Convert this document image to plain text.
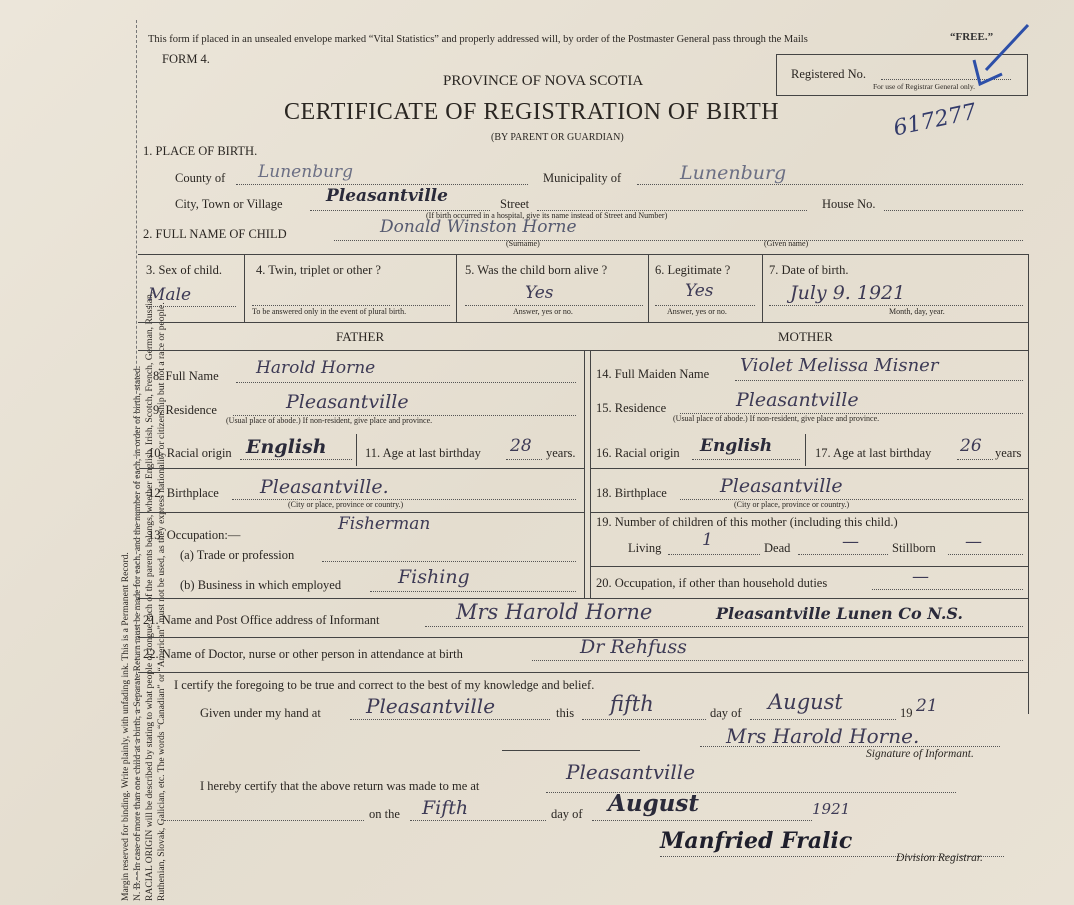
Margin reserved for binding. Write plainly, with unfading ink. This is a Permanent Record. N. B.—In case of more than one child at a birth, a Separate Return must be made for each, and the number of each, in order of birth, stated. RACIAL ORIGIN will be described by stating to what people or tongue each of the parents belongs, whether English, Irish, Scotch, French, German, Russian, Ruthenian, Slovak, Galician, etc. The words “Canadian” or “American” must not be used, as they express nationality or citizenship but not a race or people.
This form if placed in an unsealed envelope marked “Vital Statistics” and properly addressed will, by order of the Postmaster General pass through the Mails	“FREE.”
FORM 4.
PROVINCE OF NOVA SCOTIA
CERTIFICATE OF REGISTRATION OF BIRTH
(BY PARENT OR GUARDIAN)
Registered No.
For use of Registrar General only.
617277
1. PLACE OF BIRTH.
County of Lunenburg	Municipality of	Lunenburg
City, Town or Village	Pleasantville	Street	House No.
(If birth occurred in a hospital, give its name instead of Street and Number)
2. FULL NAME OF CHILD	Donald Winston Horne
(Surname)	(Given name)
3. Sex of child.
Male
4. Twin, triplet or other ?
To be answered only in the event of plural birth.
5. Was the child born alive ?
Yes
Answer, yes or no.
6. Legitimate ?
Yes
Answer, yes or no.
7. Date of birth.
July 9. 1921
Month, day, year.
FATHER	MOTHER
8. Full Name Harold Horne
9. Residence	Pleasantville
(Usual place of abode.) If non-resident, give place and province.
10. Racial origin English	11. Age at last birthday 28 years.
12. Birthplace Pleasantville.
(City or place, province or country.)
13. Occupation:—
Fisherman
(a) Trade or profession
(b) Business in which employed	Fishing
14. Full Maiden Name Violet Melissa Misner
15. Residence	Pleasantville
(Usual place of abode.) If non-resident, give place and province.
16. Racial origin English	17. Age at last birthday 26 years
18. Birthplace	Pleasantville
(City or place, province or country.)
19. Number of children of this mother (including this child.)
Living 1	Dead	—	Stillborn —
20. Occupation, if other than household duties	—
21. Name and Post Office address of Informant	Mrs Harold Horne	Pleasantville Lunen Co N.S.
22. Name of Doctor, nurse or other person in attendance at birth	Dr Rehfuss
I certify the foregoing to be true and correct to the best of my knowledge and belief.
Given under my hand at Pleasantville	this fifth	day of August	19 21
Mrs Harold Horne.
Signature of Informant.
I hereby certify that the above return was made to me at
Pleasantville
on the Fifth	day of August	1921
Manfried Fralic
Division Registrar.
